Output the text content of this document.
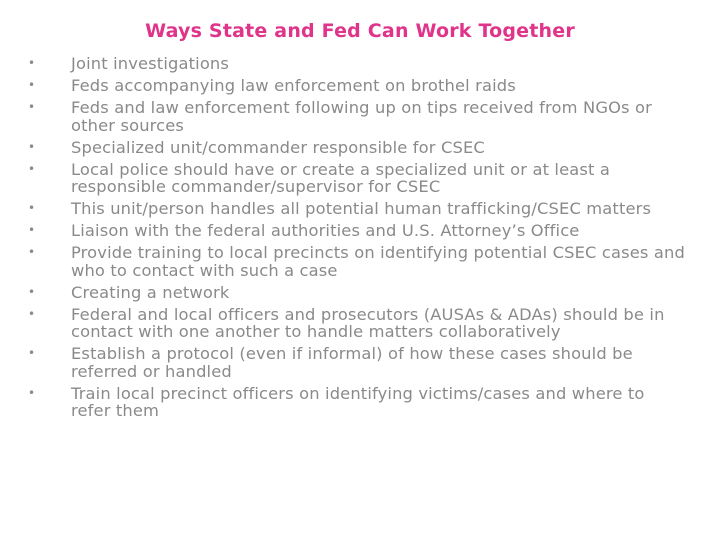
Ways State and Fed Can Work Together
• Joint investigations
• Feds accompanying law enforcement on brothel raids
• Feds and law enforcement following up on tips received from NGOs or other sources
• Specialized unit/commander responsible for CSEC
• Local police should have or create a specialized unit or at least a responsible commander/supervisor for CSEC
• This unit/person handles all potential human trafficking/CSEC matters
• Liaison with the federal authorities and U.S. Attorney’s Office
• Provide training to local precincts on identifying potential CSEC cases and who to contact with such a case
• Creating a network
• Federal and local officers and prosecutors (AUSAs & ADAs) should be in contact with one another to handle matters collaboratively
• Establish a protocol (even if informal) of how these cases should be referred or handled
• Train local precinct officers on identifying victims/cases and where to refer them
